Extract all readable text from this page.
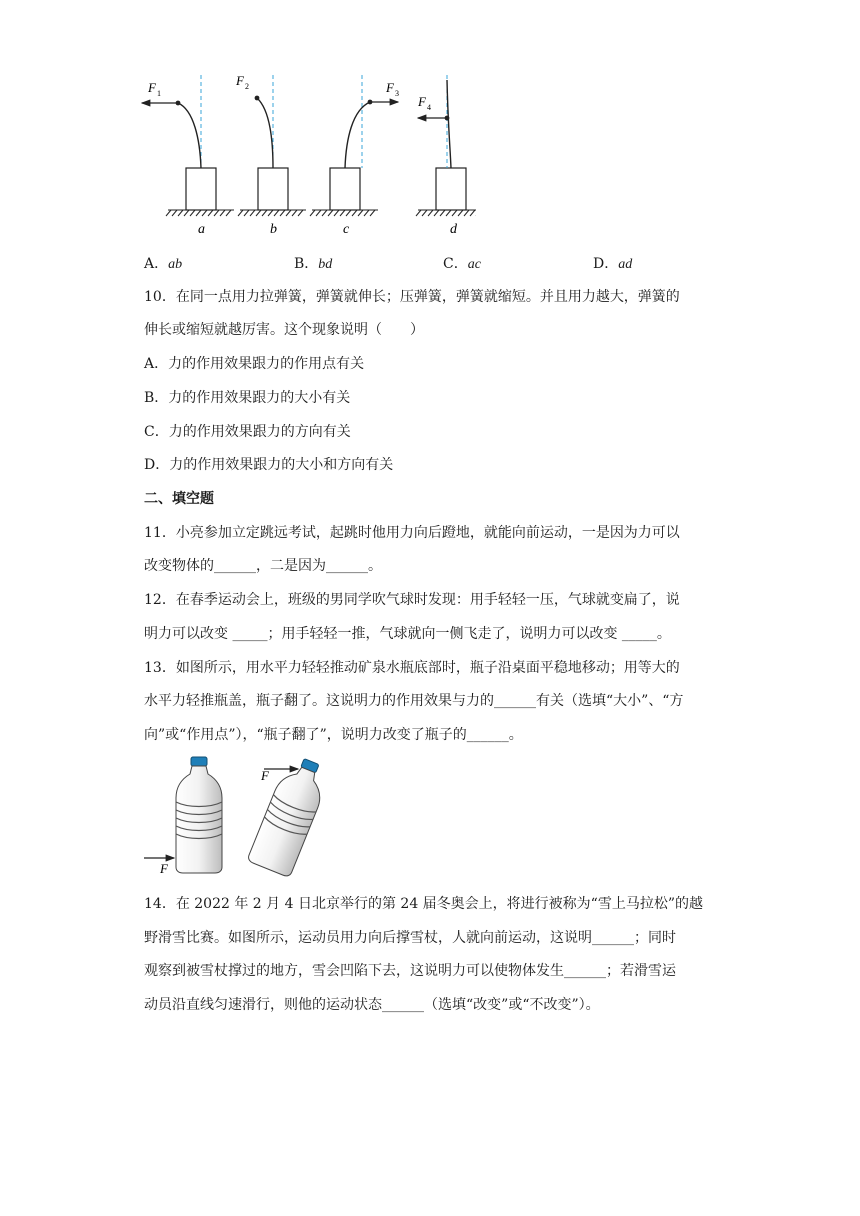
F 1
a
F 2
b
F 3
c
F 4
d
A．ab	B．bd	C．ac	D．ad
10．在同一点用力拉弹簧，弹簧就伸长；压弹簧，弹簧就缩短。并且用力越大，弹簧的
伸长或缩短就越厉害。这个现象说明（　　）
A．力的作用效果跟力的作用点有关
B．力的作用效果跟力的大小有关
C．力的作用效果跟力的方向有关
D．力的作用效果跟力的大小和方向有关
二、填空题
11．小亮参加立定跳远考试，起跳时他用力向后蹬地，就能向前运动，一是因为力可以
改变物体的______，二是因为______。
12．在春季运动会上，班级的男同学吹气球时发现：用手轻轻一压，气球就变扁了，说
明力可以改变 _____；用手轻轻一推，气球就向一侧飞走了，说明力可以改变 _____。
13．如图所示，用水平力轻轻推动矿泉水瓶底部时，瓶子沿桌面平稳地移动；用等大的
水平力轻推瓶盖，瓶子翻了。这说明力的作用效果与力的______有关（选填“大小”、“方
向”或“作用点”），“瓶子翻了”，说明力改变了瓶子的______。
F
F
14．在 2022 年 2 月 4 日北京举行的第 24 届冬奥会上，将进行被称为“雪上马拉松”的越
野滑雪比赛。如图所示，运动员用力向后撑雪杖，人就向前运动，这说明______；同时
观察到被雪杖撑过的地方，雪会凹陷下去，这说明力可以使物体发生______；若滑雪运
动员沿直线匀速滑行，则他的运动状态______（选填“改变”或“不改变”）。
